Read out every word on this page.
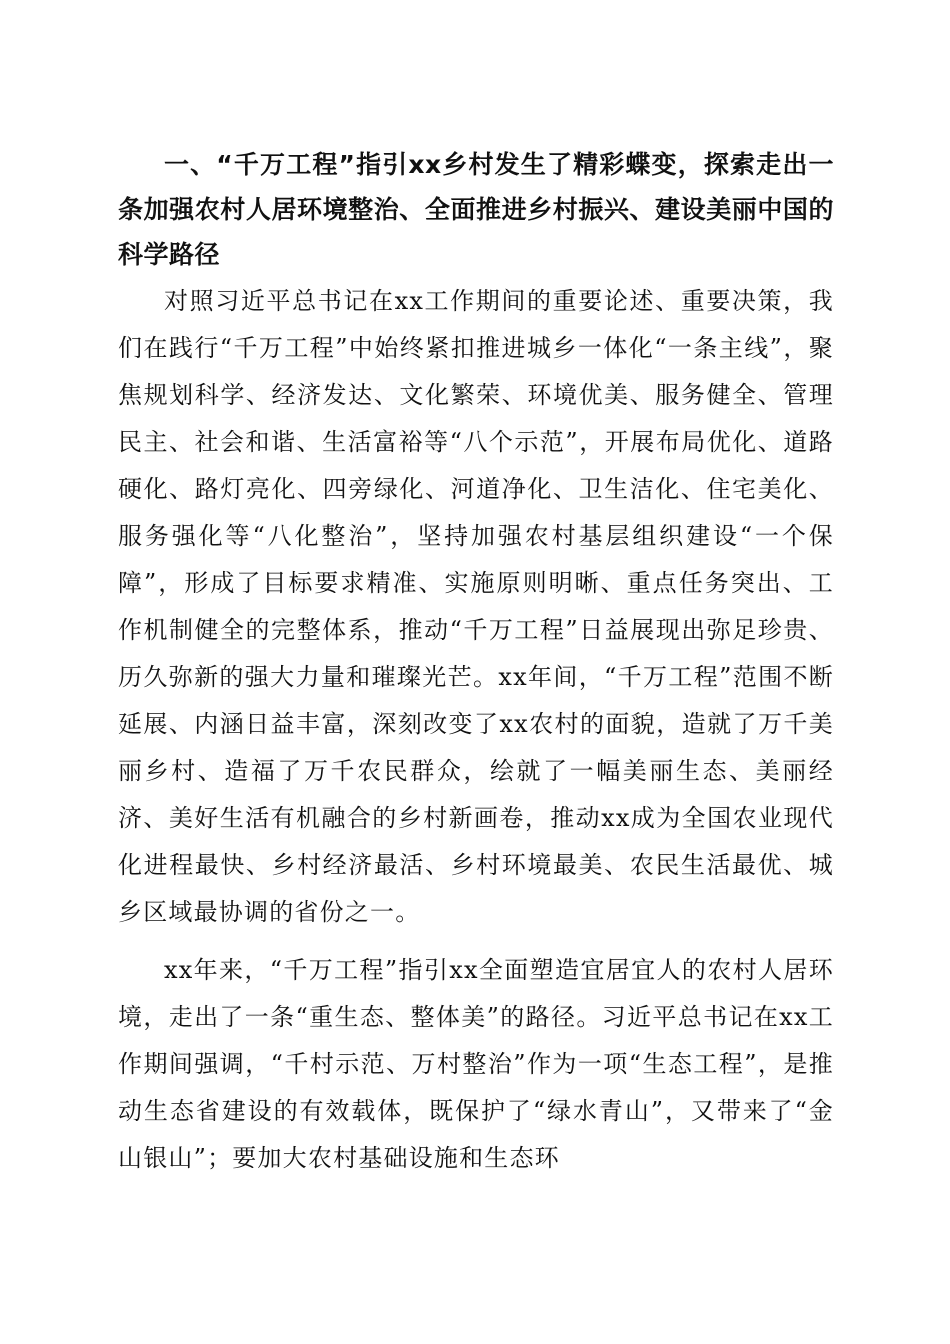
一、“千万工程”指引xx乡村发生了精彩蝶变，探索走出一条加强农村人居环境整治、全面推进乡村振兴、建设美丽中国的科学路径
对照习近平总书记在xx工作期间的重要论述、重要决策，我们在践行“千万工程”中始终紧扣推进城乡一体化“一条主线”，聚焦规划科学、经济发达、文化繁荣、环境优美、服务健全、管理民主、社会和谐、生活富裕等“八个示范”，开展布局优化、道路硬化、路灯亮化、四旁绿化、河道净化、卫生洁化、住宅美化、服务强化等“八化整治”，坚持加强农村基层组织建设“一个保障”，形成了目标要求精准、实施原则明晰、重点任务突出、工作机制健全的完整体系，推动“千万工程”日益展现出弥足珍贵、历久弥新的强大力量和璀璨光芒。xx年间，“千万工程”范围不断延展、内涵日益丰富，深刻改变了xx农村的面貌，造就了万千美丽乡村、造福了万千农民群众，绘就了一幅美丽生态、美丽经济、美好生活有机融合的乡村新画卷，推动xx成为全国农业现代化进程最快、乡村经济最活、乡村环境最美、农民生活最优、城乡区域最协调的省份之一。
xx年来，“千万工程”指引xx全面塑造宜居宜人的农村人居环境，走出了一条“重生态、整体美”的路径。习近平总书记在xx工作期间强调，“千村示范、万村整治”作为一项“生态工程”，是推动生态省建设的有效载体，既保护了“绿水青山”，又带来了“金山银山”；要加大农村基础设施和生态环
